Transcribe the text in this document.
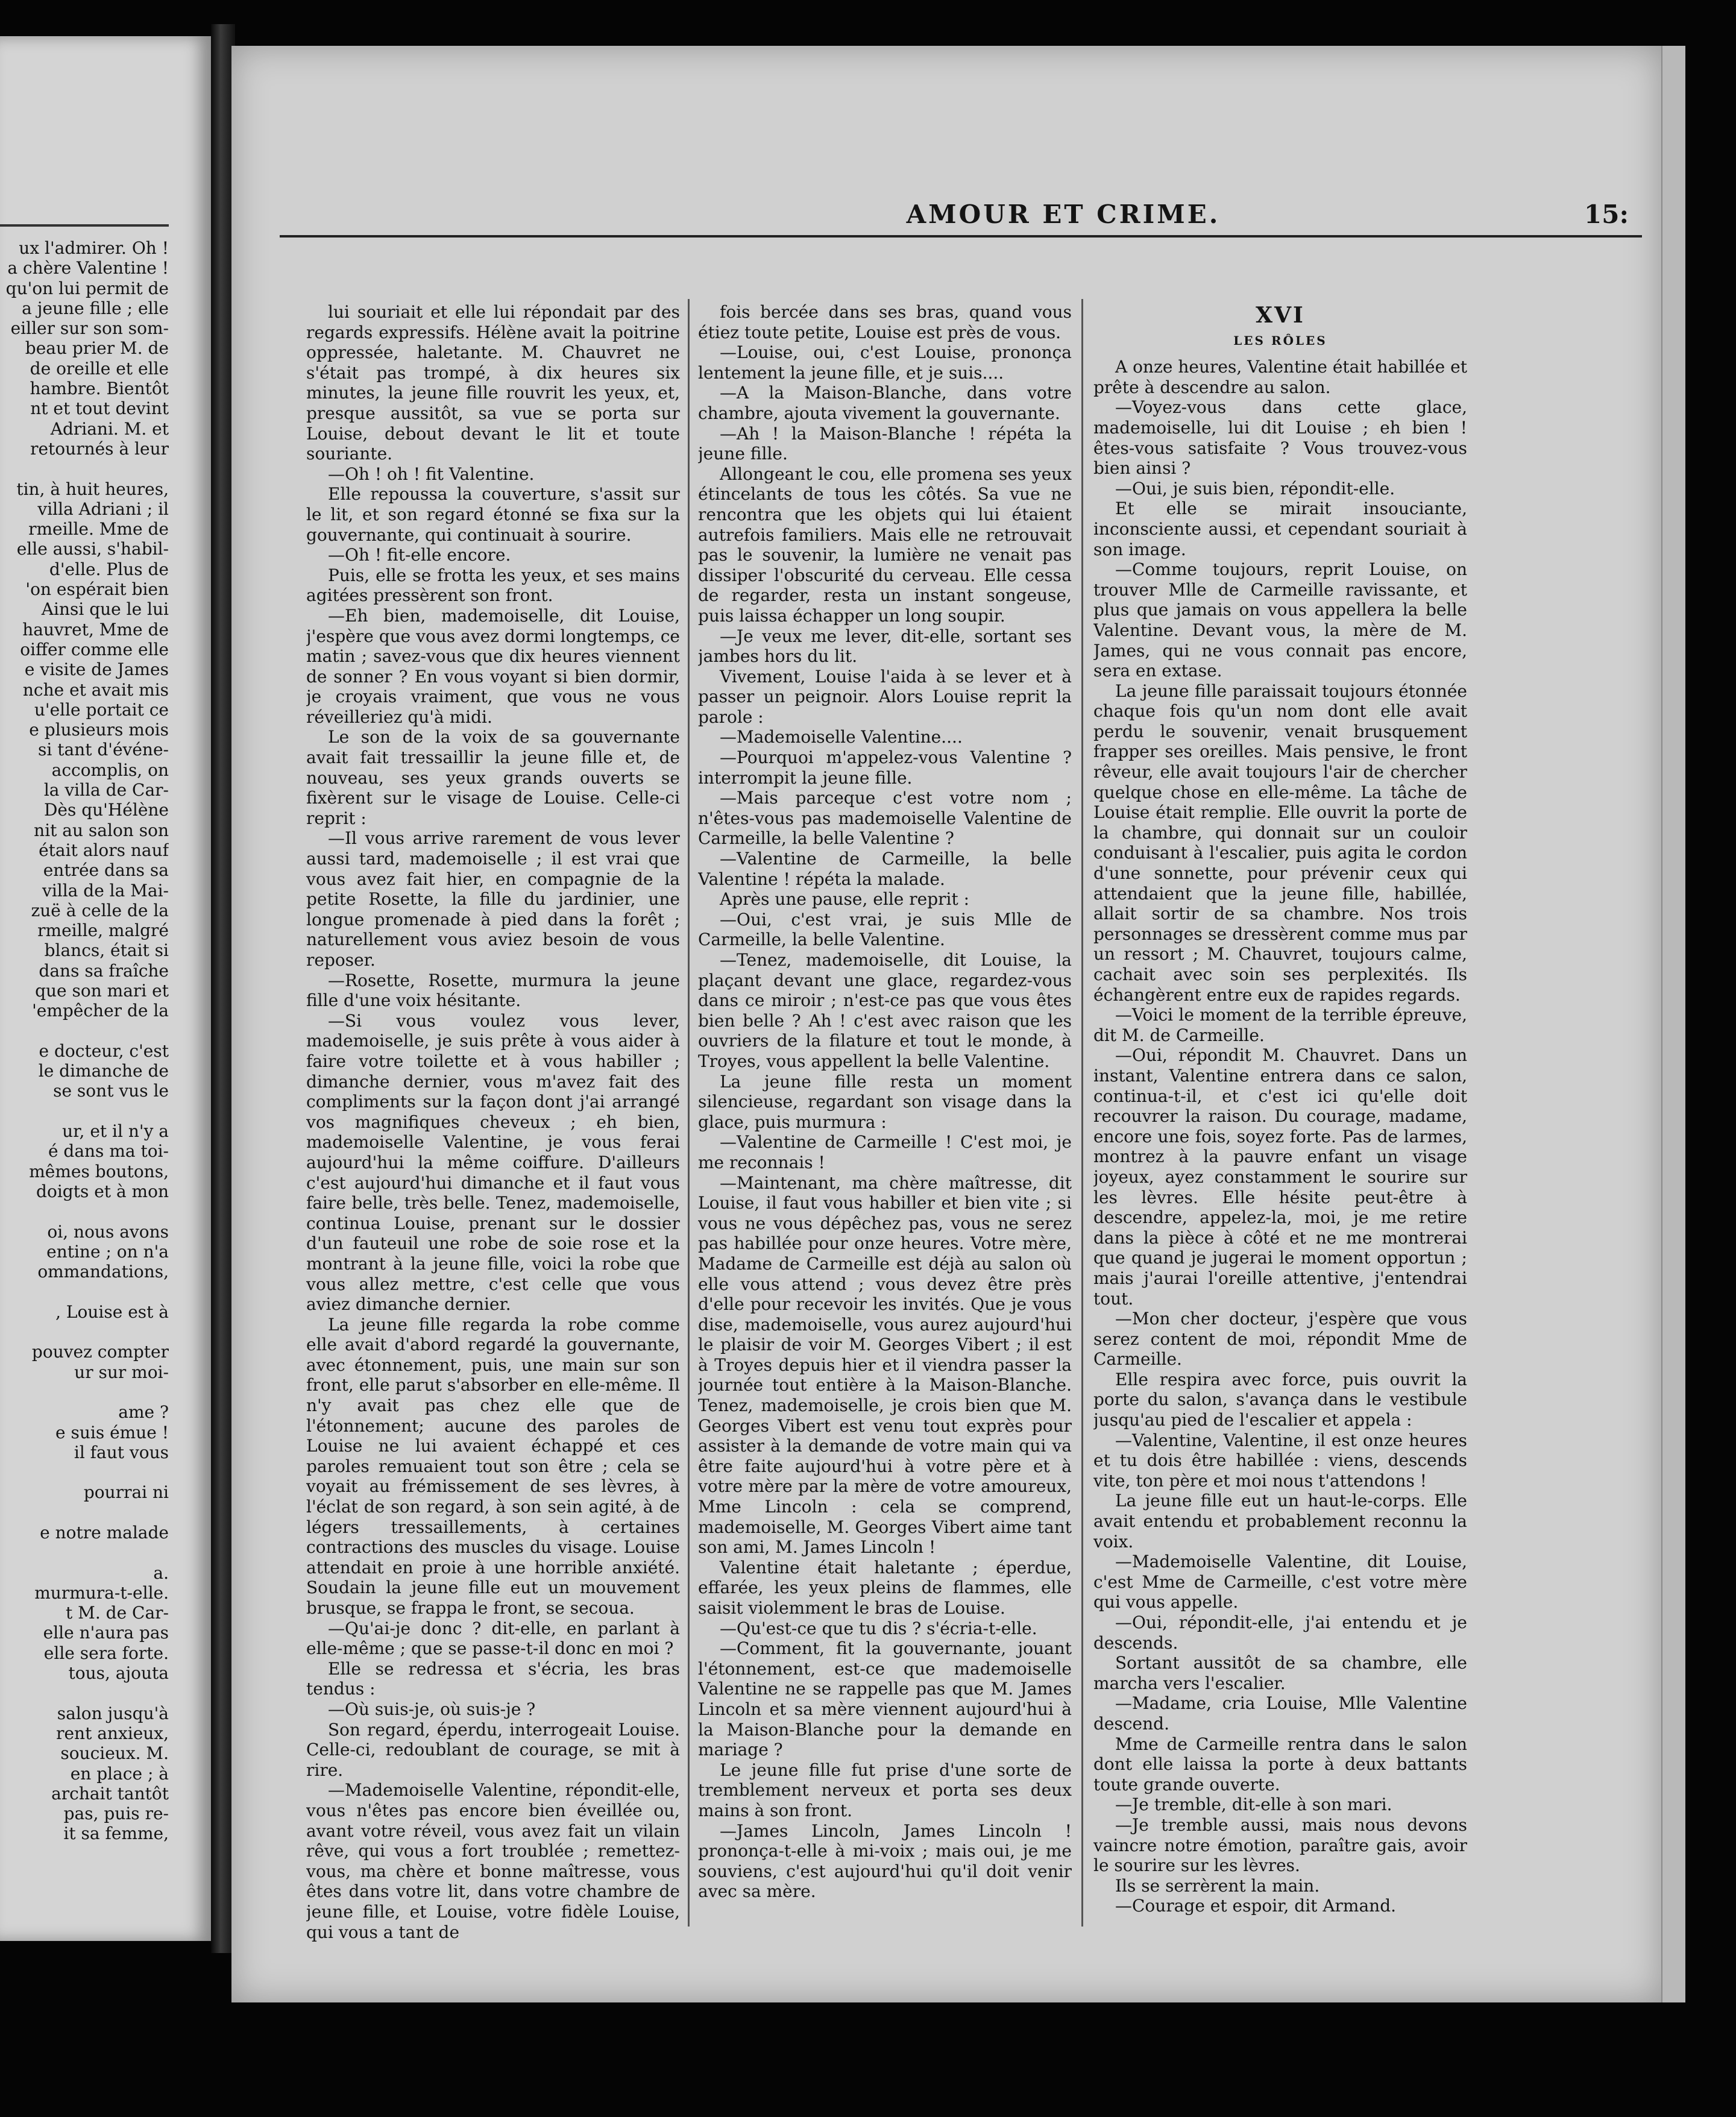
ux l'admirer. Oh !
a chère Valentine !
qu'on lui permit de
a jeune fille ; elle
eiller sur son som-
beau prier M. de
de oreille et elle
hambre. Bientôt
nt et tout devint
Adriani. M. et
retournés à leur
tin, à huit heures,
villa Adriani ; il
rmeille. Mme de
elle aussi, s'habil-
d'elle. Plus de
'on espérait bien
Ainsi que le lui
hauvret, Mme de
oiffer comme elle
e visite de James
nche et avait mis
u'elle portait ce
e plusieurs mois
si tant d'événe-
accomplis, on
la villa de Car-
Dès qu'Hélène
nit au salon son
était alors nauf
entrée dans sa
villa de la Mai-
zuë à celle de la
rmeille, malgré
blancs, était si
dans sa fraîche
que son mari et
'empêcher de la
e docteur, c'est
le dimanche de
se sont vus le
ur, et il n'y a
é dans ma toi-
mêmes boutons,
doigts et à mon
oi, nous avons
entine ; on n'a
ommandations,
, Louise est à
pouvez compter
ur sur moi-
ame ?
e suis émue !
il faut vous
pourrai ni
e notre malade
a.
murmura-t-elle.
t M. de Car-
elle n'aura pas
elle sera forte.
tous, ajouta
salon jusqu'à
rent anxieux,
soucieux. M.
en place ; à
archait tantôt
pas, puis re-
it sa femme,
AMOUR ET CRIME.	15:

lui souriait et elle lui répondait par des regards expressifs. Hélène avait la poitrine oppressée, haletante. M. Chauvret ne s'était pas trompé, à dix heures six minutes, la jeune fille rouvrit les yeux, et, presque aussitôt, sa vue se porta sur Louise, debout devant le lit et toute souriante.

—Oh ! oh ! fit Valentine.

Elle repoussa la couverture, s'assit sur le lit, et son regard étonné se fixa sur la gouvernante, qui continuait à sourire.

—Oh ! fit-elle encore.

Puis, elle se frotta les yeux, et ses mains agitées pressèrent son front.

—Eh bien, mademoiselle, dit Louise, j'espère que vous avez dormi longtemps, ce matin ; savez-vous que dix heures viennent de sonner ? En vous voyant si bien dormir, je croyais vraiment, que vous ne vous réveilleriez qu'à midi.

Le son de la voix de sa gouvernante avait fait tressaillir la jeune fille et, de nouveau, ses yeux grands ouverts se fixèrent sur le visage de Louise. Celle-ci reprit :

—Il vous arrive rarement de vous lever aussi tard, mademoiselle ; il est vrai que vous avez fait hier, en compagnie de la petite Rosette, la fille du jardinier, une longue promenade à pied dans la forêt ; naturellement vous aviez besoin de vous reposer.

—Rosette, Rosette, murmura la jeune fille d'une voix hésitante.

—Si vous voulez vous lever, mademoiselle, je suis prête à vous aider à faire votre toilette et à vous habiller ; dimanche dernier, vous m'avez fait des compliments sur la façon dont j'ai arrangé vos magnifiques cheveux ; eh bien, mademoiselle Valentine, je vous ferai aujourd'hui la même coiffure. D'ailleurs c'est aujourd'hui dimanche et il faut vous faire belle, très belle. Tenez, mademoiselle, continua Louise, prenant sur le dossier d'un fauteuil une robe de soie rose et la montrant à la jeune fille, voici la robe que vous allez mettre, c'est celle que vous aviez dimanche dernier.

La jeune fille regarda la robe comme elle avait d'abord regardé la gouvernante, avec étonnement, puis, une main sur son front, elle parut s'absorber en elle-même. Il n'y avait pas chez elle que de l'étonnement; aucune des paroles de Louise ne lui avaient échappé et ces paroles remuaient tout son être ; cela se voyait au frémissement de ses lèvres, à l'éclat de son regard, à son sein agité, à de légers tressaillements, à certaines contractions des muscles du visage. Louise attendait en proie à une horrible anxiété. Soudain la jeune fille eut un mouvement brusque, se frappa le front, se secoua.

—Qu'ai-je donc ? dit-elle, en parlant à elle-même ; que se passe-t-il donc en moi ?

Elle se redressa et s'écria, les bras tendus :

—Où suis-je, où suis-je ?

Son regard, éperdu, interrogeait Louise. Celle-ci, redoublant de courage, se mit à rire.

—Mademoiselle Valentine, répondit-elle, vous n'êtes pas encore bien éveillée ou, avant votre réveil, vous avez fait un vilain rêve, qui vous a fort troublée ; remettez-vous, ma chère et bonne maîtresse, vous êtes dans votre lit, dans votre chambre de jeune fille, et Louise, votre fidèle Louise, qui vous a tant de

fois bercée dans ses bras, quand vous étiez toute petite, Louise est près de vous.

—Louise, oui, c'est Louise, prononça lentement la jeune fille, et je suis....

—A la Maison-Blanche, dans votre chambre, ajouta vivement la gouvernante.

—Ah ! la Maison-Blanche ! répéta la jeune fille.

Allongeant le cou, elle promena ses yeux étincelants de tous les côtés. Sa vue ne rencontra que les objets qui lui étaient autrefois familiers. Mais elle ne retrouvait pas le souvenir, la lumière ne venait pas dissiper l'obscurité du cerveau. Elle cessa de regarder, resta un instant songeuse, puis laissa échapper un long soupir.

—Je veux me lever, dit-elle, sortant ses jambes hors du lit.

Vivement, Louise l'aida à se lever et à passer un peignoir. Alors Louise reprit la parole :

—Mademoiselle Valentine....

—Pourquoi m'appelez-vous Valentine ? interrompit la jeune fille.

—Mais parceque c'est votre nom ; n'êtes-vous pas mademoiselle Valentine de Carmeille, la belle Valentine ?

—Valentine de Carmeille, la belle Valentine ! répéta la malade.

Après une pause, elle reprit :

—Oui, c'est vrai, je suis Mlle de Carmeille, la belle Valentine.

—Tenez, mademoiselle, dit Louise, la plaçant devant une glace, regardez-vous dans ce miroir ; n'est-ce pas que vous êtes bien belle ? Ah ! c'est avec raison que les ouvriers de la filature et tout le monde, à Troyes, vous appellent la belle Valentine.

La jeune fille resta un moment silencieuse, regardant son visage dans la glace, puis murmura :

—Valentine de Carmeille ! C'est moi, je me reconnais !

—Maintenant, ma chère maîtresse, dit Louise, il faut vous habiller et bien vite ; si vous ne vous dépêchez pas, vous ne serez pas habillée pour onze heures. Votre mère, Madame de Carmeille est déjà au salon où elle vous attend ; vous devez être près d'elle pour recevoir les invités. Que je vous dise, mademoiselle, vous aurez aujourd'hui le plaisir de voir M. Georges Vibert ; il est à Troyes depuis hier et il viendra passer la journée tout entière à la Maison-Blanche. Tenez, mademoiselle, je crois bien que M. Georges Vibert est venu tout exprès pour assister à la demande de votre main qui va être faite aujourd'hui à votre père et à votre mère par la mère de votre amoureux, Mme Lincoln : cela se comprend, mademoiselle, M. Georges Vibert aime tant son ami, M. James Lincoln !

Valentine était haletante ; éperdue, effarée, les yeux pleins de flammes, elle saisit violemment le bras de Louise.

—Qu'est-ce que tu dis ? s'écria-t-elle.

—Comment, fit la gouvernante, jouant l'étonnement, est-ce que mademoiselle Valentine ne se rappelle pas que M. James Lincoln et sa mère viennent aujourd'hui à la Maison-Blanche pour la demande en mariage ?

Le jeune fille fut prise d'une sorte de tremblement nerveux et porta ses deux mains à son front.

—James Lincoln, James Lincoln ! prononça-t-elle à mi-voix ; mais oui, je me souviens, c'est aujourd'hui qu'il doit venir avec sa mère.

XVI
LES RÔLES

A onze heures, Valentine était habillée et prête à descendre au salon.

—Voyez-vous dans cette glace, mademoiselle, lui dit Louise ; eh bien ! êtes-vous satisfaite ? Vous trouvez-vous bien ainsi ?

—Oui, je suis bien, répondit-elle.

Et elle se mirait insouciante, inconsciente aussi, et cependant souriait à son image.

—Comme toujours, reprit Louise, on trouver Mlle de Carmeille ravissante, et plus que jamais on vous appellera la belle Valentine. Devant vous, la mère de M. James, qui ne vous connait pas encore, sera en extase.

La jeune fille paraissait toujours étonnée chaque fois qu'un nom dont elle avait perdu le souvenir, venait brusquement frapper ses oreilles. Mais pensive, le front rêveur, elle avait toujours l'air de chercher quelque chose en elle-même. La tâche de Louise était remplie. Elle ouvrit la porte de la chambre, qui donnait sur un couloir conduisant à l'escalier, puis agita le cordon d'une sonnette, pour prévenir ceux qui attendaient que la jeune fille, habillée, allait sortir de sa chambre. Nos trois personnages se dressèrent comme mus par un ressort ; M. Chauvret, toujours calme, cachait avec soin ses perplexités. Ils échangèrent entre eux de rapides regards.

—Voici le moment de la terrible épreuve, dit M. de Carmeille.

—Oui, répondit M. Chauvret. Dans un instant, Valentine entrera dans ce salon, continua-t-il, et c'est ici qu'elle doit recouvrer la raison. Du courage, madame, encore une fois, soyez forte. Pas de larmes, montrez à la pauvre enfant un visage joyeux, ayez constamment le sourire sur les lèvres. Elle hésite peut-être à descendre, appelez-la, moi, je me retire dans la pièce à côté et ne me montrerai que quand je jugerai le moment opportun ; mais j'aurai l'oreille attentive, j'entendrai tout.

—Mon cher docteur, j'espère que vous serez content de moi, répondit Mme de Carmeille.

Elle respira avec force, puis ouvrit la porte du salon, s'avança dans le vestibule jusqu'au pied de l'escalier et appela :

—Valentine, Valentine, il est onze heures et tu dois être habillée : viens, descends vite, ton père et moi nous t'attendons !

La jeune fille eut un haut-le-corps. Elle avait entendu et probablement reconnu la voix.

—Mademoiselle Valentine, dit Louise, c'est Mme de Carmeille, c'est votre mère qui vous appelle.

—Oui, répondit-elle, j'ai entendu et je descends.

Sortant aussitôt de sa chambre, elle marcha vers l'escalier.

—Madame, cria Louise, Mlle Valentine descend.

Mme de Carmeille rentra dans le salon dont elle laissa la porte à deux battants toute grande ouverte.

—Je tremble, dit-elle à son mari.

—Je tremble aussi, mais nous devons vaincre notre émotion, paraître gais, avoir le sourire sur les lèvres.

Ils se serrèrent la main.

—Courage et espoir, dit Armand.
